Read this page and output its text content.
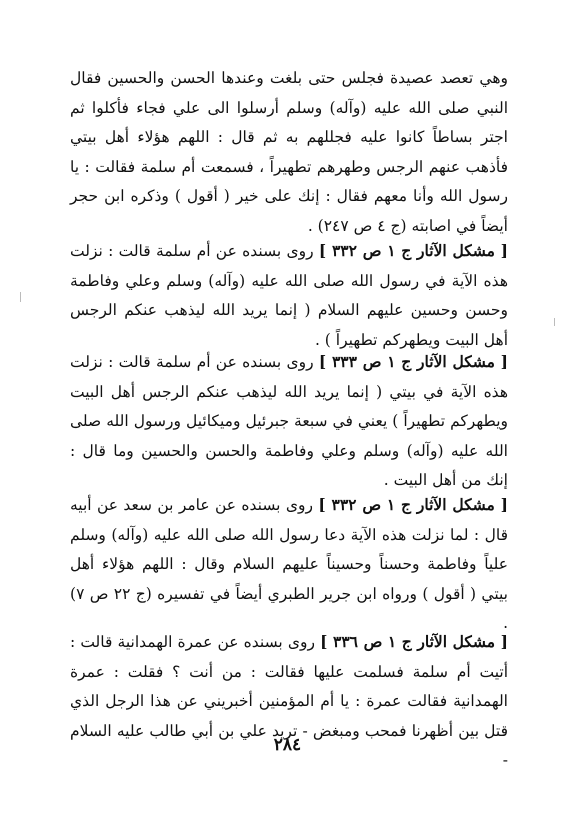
وهي تعصد عصيدة فجلس حتى بلغت وعندها الحسن والحسين فقال النبي صلى الله عليه (وآله) وسلم أرسلوا الى علي فجاء فأكلوا ثم اجتر بساطاً كانوا عليه فجللهم به ثم قال : اللهم هؤلاء أهل بيتي فأذهب عنهم الرجس وطهرهم تطهيراً ، فسمعت أم سلمة فقالت : يا رسول الله وأنا معهم فقال : إنك على خير ( أقول ) وذكره ابن حجر أيضاً في اصابته (ج ٤ ص ٢٤٧) .

[ مشكل الآثار ج ١ ص ٣٣٢ ] روى بسنده عن أم سلمة قالت : نزلت هذه الآية في رسول الله صلى الله عليه (وآله) وسلم وعلي وفاطمة وحسن وحسين عليهم السلام ( إنما يريد الله ليذهب عنكم الرجس أهل البيت ويطهركم تطهيراً ) .

[ مشكل الآثار ج ١ ص ٣٣٣ ] روى بسنده عن أم سلمة قالت : نزلت هذه الآية في بيتي ( إنما يريد الله ليذهب عنكم الرجس أهل البيت ويطهركم تطهيراً ) يعني في سبعة جبرئيل وميكائيل ورسول الله صلى الله عليه (وآله) وسلم وعلي وفاطمة والحسن والحسين وما قال : إنك من أهل البيت .

[ مشكل الآثار ج ١ ص ٣٣٢ ] روى بسنده عن عامر بن سعد عن أبيه قال : لما نزلت هذه الآية دعا رسول الله صلى الله عليه (وآله) وسلم علياً وفاطمة وحسناً وحسيناً عليهم السلام وقال : اللهم هؤلاء أهل بيتي ( أقول ) ورواه ابن جرير الطبري أيضاً في تفسيره (ج ٢٢ ص ٧) .

[ مشكل الآثار ج ١ ص ٣٣٦ ] روى بسنده عن عمرة الهمدانية قالت : أتيت أم سلمة فسلمت عليها فقالت : من أنت ؟ فقلت : عمرة الهمدانية فقالت عمرة : يا أم المؤمنين أخبريني عن هذا الرجل الذي قتل بين أظهرنا فمحب ومبغض - تريد علي بن أبي طالب عليه السلام -

٢٨٤
